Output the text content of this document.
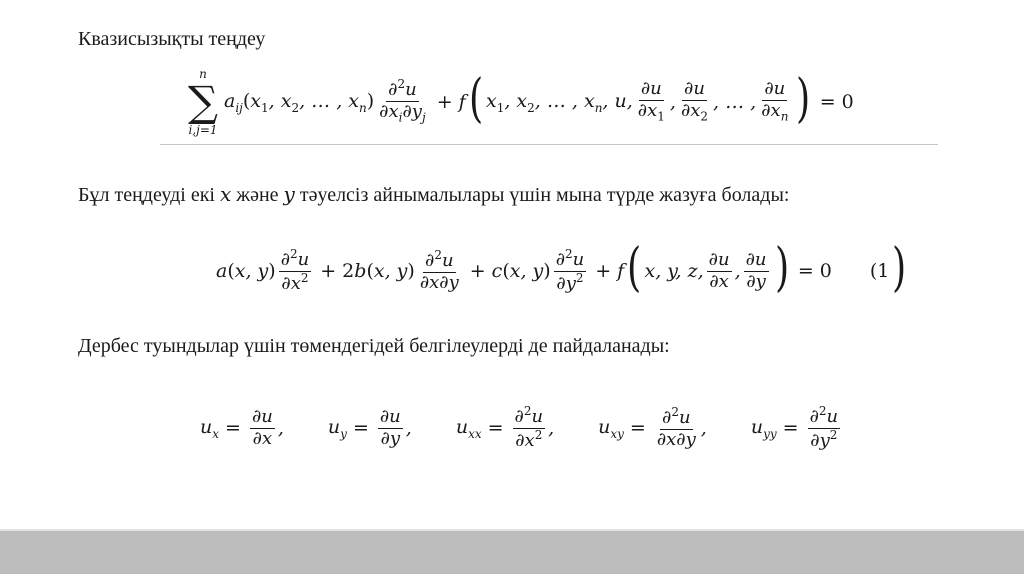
Квазисызықты теңдеу
n
∑
i,j=1
$a_{ij}(x_1$, $x_2$, … , $x_n) \frac{\partial^2u}{\partial x_i\partial y_j} + f$ ( $x_1$, $x_2$, … , $x_n$, u, $\frac{\partial u}{\partial x_1}$ , $\frac{\partial u}{\partial x_2}$ , … , $\frac{\partial u}{\partial x_n}$ ) = 0
Бұл теңдеуді екі x және y тәуелсіз айнымалылары үшін мына түрде жазуға болады:
a(x, $y) \frac{\partial^2u}{\partial x^2} + 2b(x$, $y) \frac{\partial^2u}{\partial x\partial y} + c(x$, $y) \frac{\partial^2u}{\partial y^2} + f$ ( x, y, z, $\frac{\partial u}{\partial x}$ , $\frac{\partial u}{\partial y}$ ) = 0 (1 )
Дербес туындылар үшін төмендегідей белгілеулерді де пайдаланады:
$u_x = \frac{\partial u}{\partial x}$ , $u_y = \frac{\partial u}{\partial y}$ , $u_{xx} = \frac{\partial^2u}{\partial x^2}$ , $u_{xy} = \frac{\partial^2u}{\partial x\partial y}$ , $u_{yy} = \frac{\partial^2u}{\partial y^2}$
